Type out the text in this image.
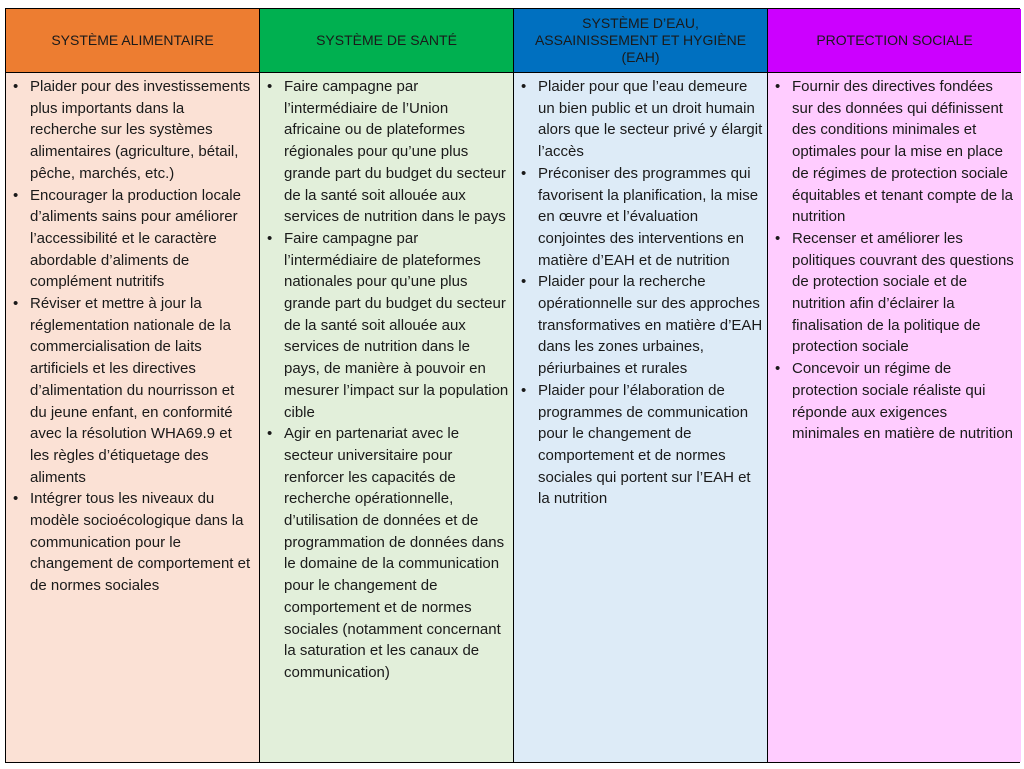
SYSTÈME ALIMENTAIRE	SYSTÈME DE SANTÉ
SYSTÈME D’EAU, ASSAINISSEMENT ET HYGIÈNE (EAH)
PROTECTION SOCIALE
• Plaider pour des investissements plus importants dans la recherche sur les systèmes alimentaires (agriculture, bétail, pêche, marchés, etc.)
• Encourager la production locale d’aliments sains pour améliorer l’accessibilité et le caractère abordable d’aliments de complément nutritifs
• Réviser et mettre à jour la réglementation nationale de la commercialisation de laits artificiels et les directives d’alimentation du nourrisson et du jeune enfant, en conformité avec la résolution WHA69.9 et les règles d’étiquetage des aliments
• Intégrer tous les niveaux du modèle socioécologique dans la communication pour le changement de comportement et de normes sociales
• Faire campagne par l’intermédiaire de l’Union africaine ou de plateformes régionales pour qu’une plus grande part du budget du secteur de la santé soit allouée aux services de nutrition dans le pays
• Faire campagne par l’intermédiaire de plateformes nationales pour qu’une plus grande part du budget du secteur de la santé soit allouée aux services de nutrition dans le pays, de manière à pouvoir en mesurer l’impact sur la population cible
• Agir en partenariat avec le secteur universitaire pour renforcer les capacités de recherche opérationnelle, d’utilisation de données et de programmation de données dans le domaine de la communication pour le changement de comportement et de normes sociales (notamment concernant la saturation et les canaux de communication)
• Plaider pour que l’eau demeure un bien public et un droit humain alors que le secteur privé y élargit l’accès
• Préconiser des programmes qui favorisent la planification, la mise en œuvre et l’évaluation conjointes des interventions en matière d’EAH et de nutrition
• Plaider pour la recherche opérationnelle sur des approches transformatives en matière d’EAH dans les zones urbaines, périurbaines et rurales
• Plaider pour l’élaboration de programmes de communication pour le changement de comportement et de normes sociales qui portent sur l’EAH et la nutrition
• Fournir des directives fondées sur des données qui définissent des conditions minimales et optimales pour la mise en place de régimes de protection sociale équitables et tenant compte de la nutrition
• Recenser et améliorer les politiques couvrant des questions de protection sociale et de nutrition afin d’éclairer la finalisation de la politique de protection sociale
• Concevoir un régime de protection sociale réaliste qui réponde aux exigences minimales en matière de nutrition
